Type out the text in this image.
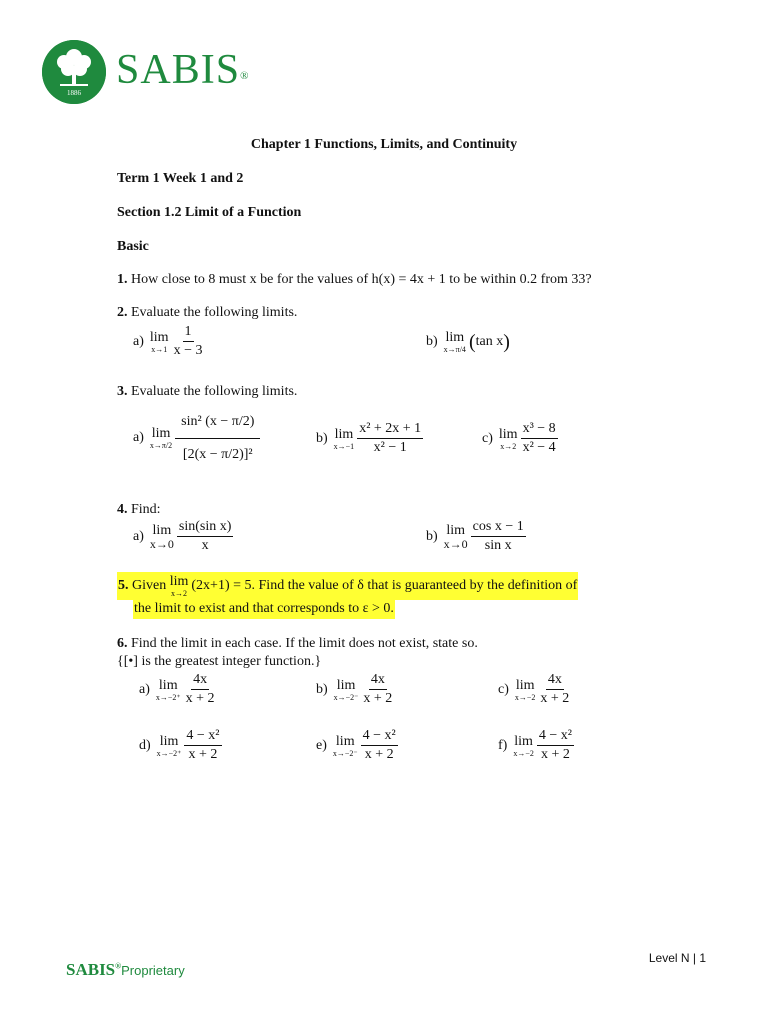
1886 SABIS®
Chapter 1 Functions, Limits, and Continuity
Term 1 Week 1 and 2
Section 1.2 Limit of a Function
Basic
1. How close to 8 must x be for the values of h(x) = 4x + 1 to be within 0.2 from 33?
2. Evaluate the following limits.
a) lim
$x\to 1 \frac{1}{x - 3}$	b) lim
x→π/4 ( tan x )
3. Evaluate the following limits.
a) lim
$x\to\pi/2 \frac{\text{sin² (x − π/2)}}{\text{[2(x − π/2)]²}}$	b) lim
$x\to-1 \frac{\text{x² + 2x + 1}}{\text{x² − 1}}$	c) lim
$x\to 2 \frac{\text{x³ − 8}}{\text{x² − 4}}$
4. Find:
a) lim
$x\to 0 \frac{\text{sin(sin x)}}{x}$	b) lim
$x\to 0 \frac{\text{cos x − 1}}{\text{sin x}}$
5.
Given
lim
x→2
(2x+1) = 5 . Find the value of δ that is guaranteed by the definition of
the limit to exist and that corresponds to ε > 0.
6. Find the limit in each case. If the limit does not exist, state so.
{[•] is the greatest integer function.}
a) lim
$x\to-2^+ \frac{4x}{x + 2}$	b) lim
$x\to-2^- \frac{4x}{x + 2}$	c) lim
$x\to-2 \frac{4x}{x + 2}$
d) lim
$x\to-2^+ \frac{\text{4 − x²}}{x + 2}$	e) lim
$x\to-2^- \frac{\text{4 − x²}}{x + 2}$	f) lim
$x\to-2 \frac{\text{4 − x²}}{x + 2}$
Level N | 1
SABIS®Proprietary
